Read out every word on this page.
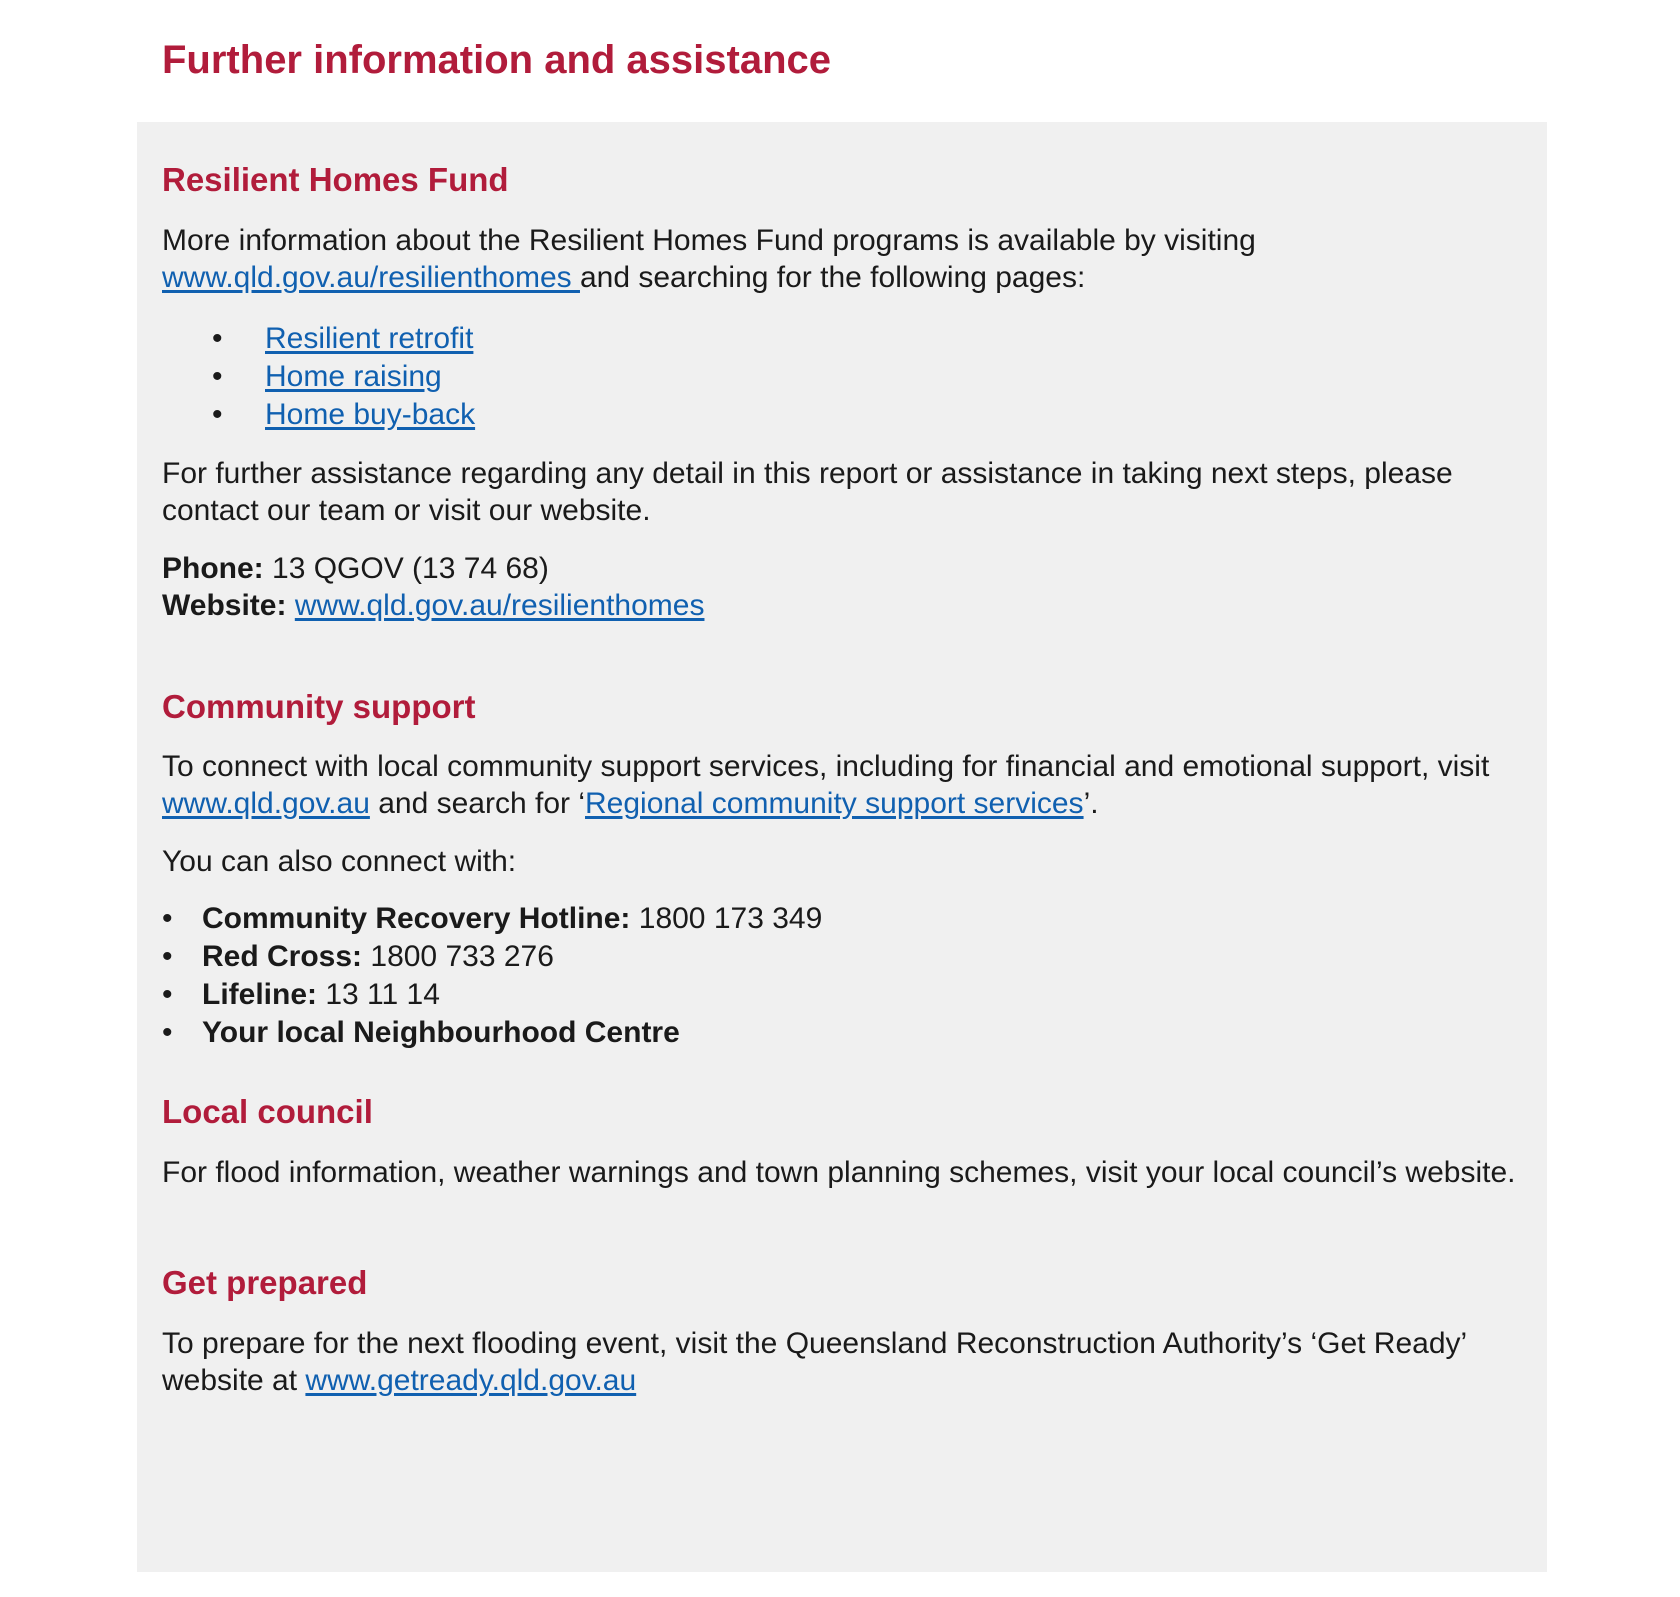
Further information and assistance
Resilient Homes Fund

More information about the Resilient Homes Fund programs is available by visiting
www.qld.gov.au/resilienthomes and searching for the following pages:

• Resilient retrofit
• Home raising
• Home buy-back

For further assistance regarding any detail in this report or assistance in taking next steps, please contact our team or visit our website.

Phone: 13 QGOV (13 74 68)
Website: www.qld.gov.au/resilienthomes

Community support

To connect with local community support services, including for financial and emotional support, visit www.qld.gov.au and search for ‘Regional community support services’.

You can also connect with:

• Community Recovery Hotline: 1800 173 349
• Red Cross: 1800 733 276
• Lifeline: 13 11 14
• Your local Neighbourhood Centre
Local council

For flood information, weather warnings and town planning schemes, visit your local council’s website.

Get prepared

To prepare for the next flooding event, visit the Queensland Reconstruction Authority’s ‘Get Ready’ website at www.getready.qld.gov.au
